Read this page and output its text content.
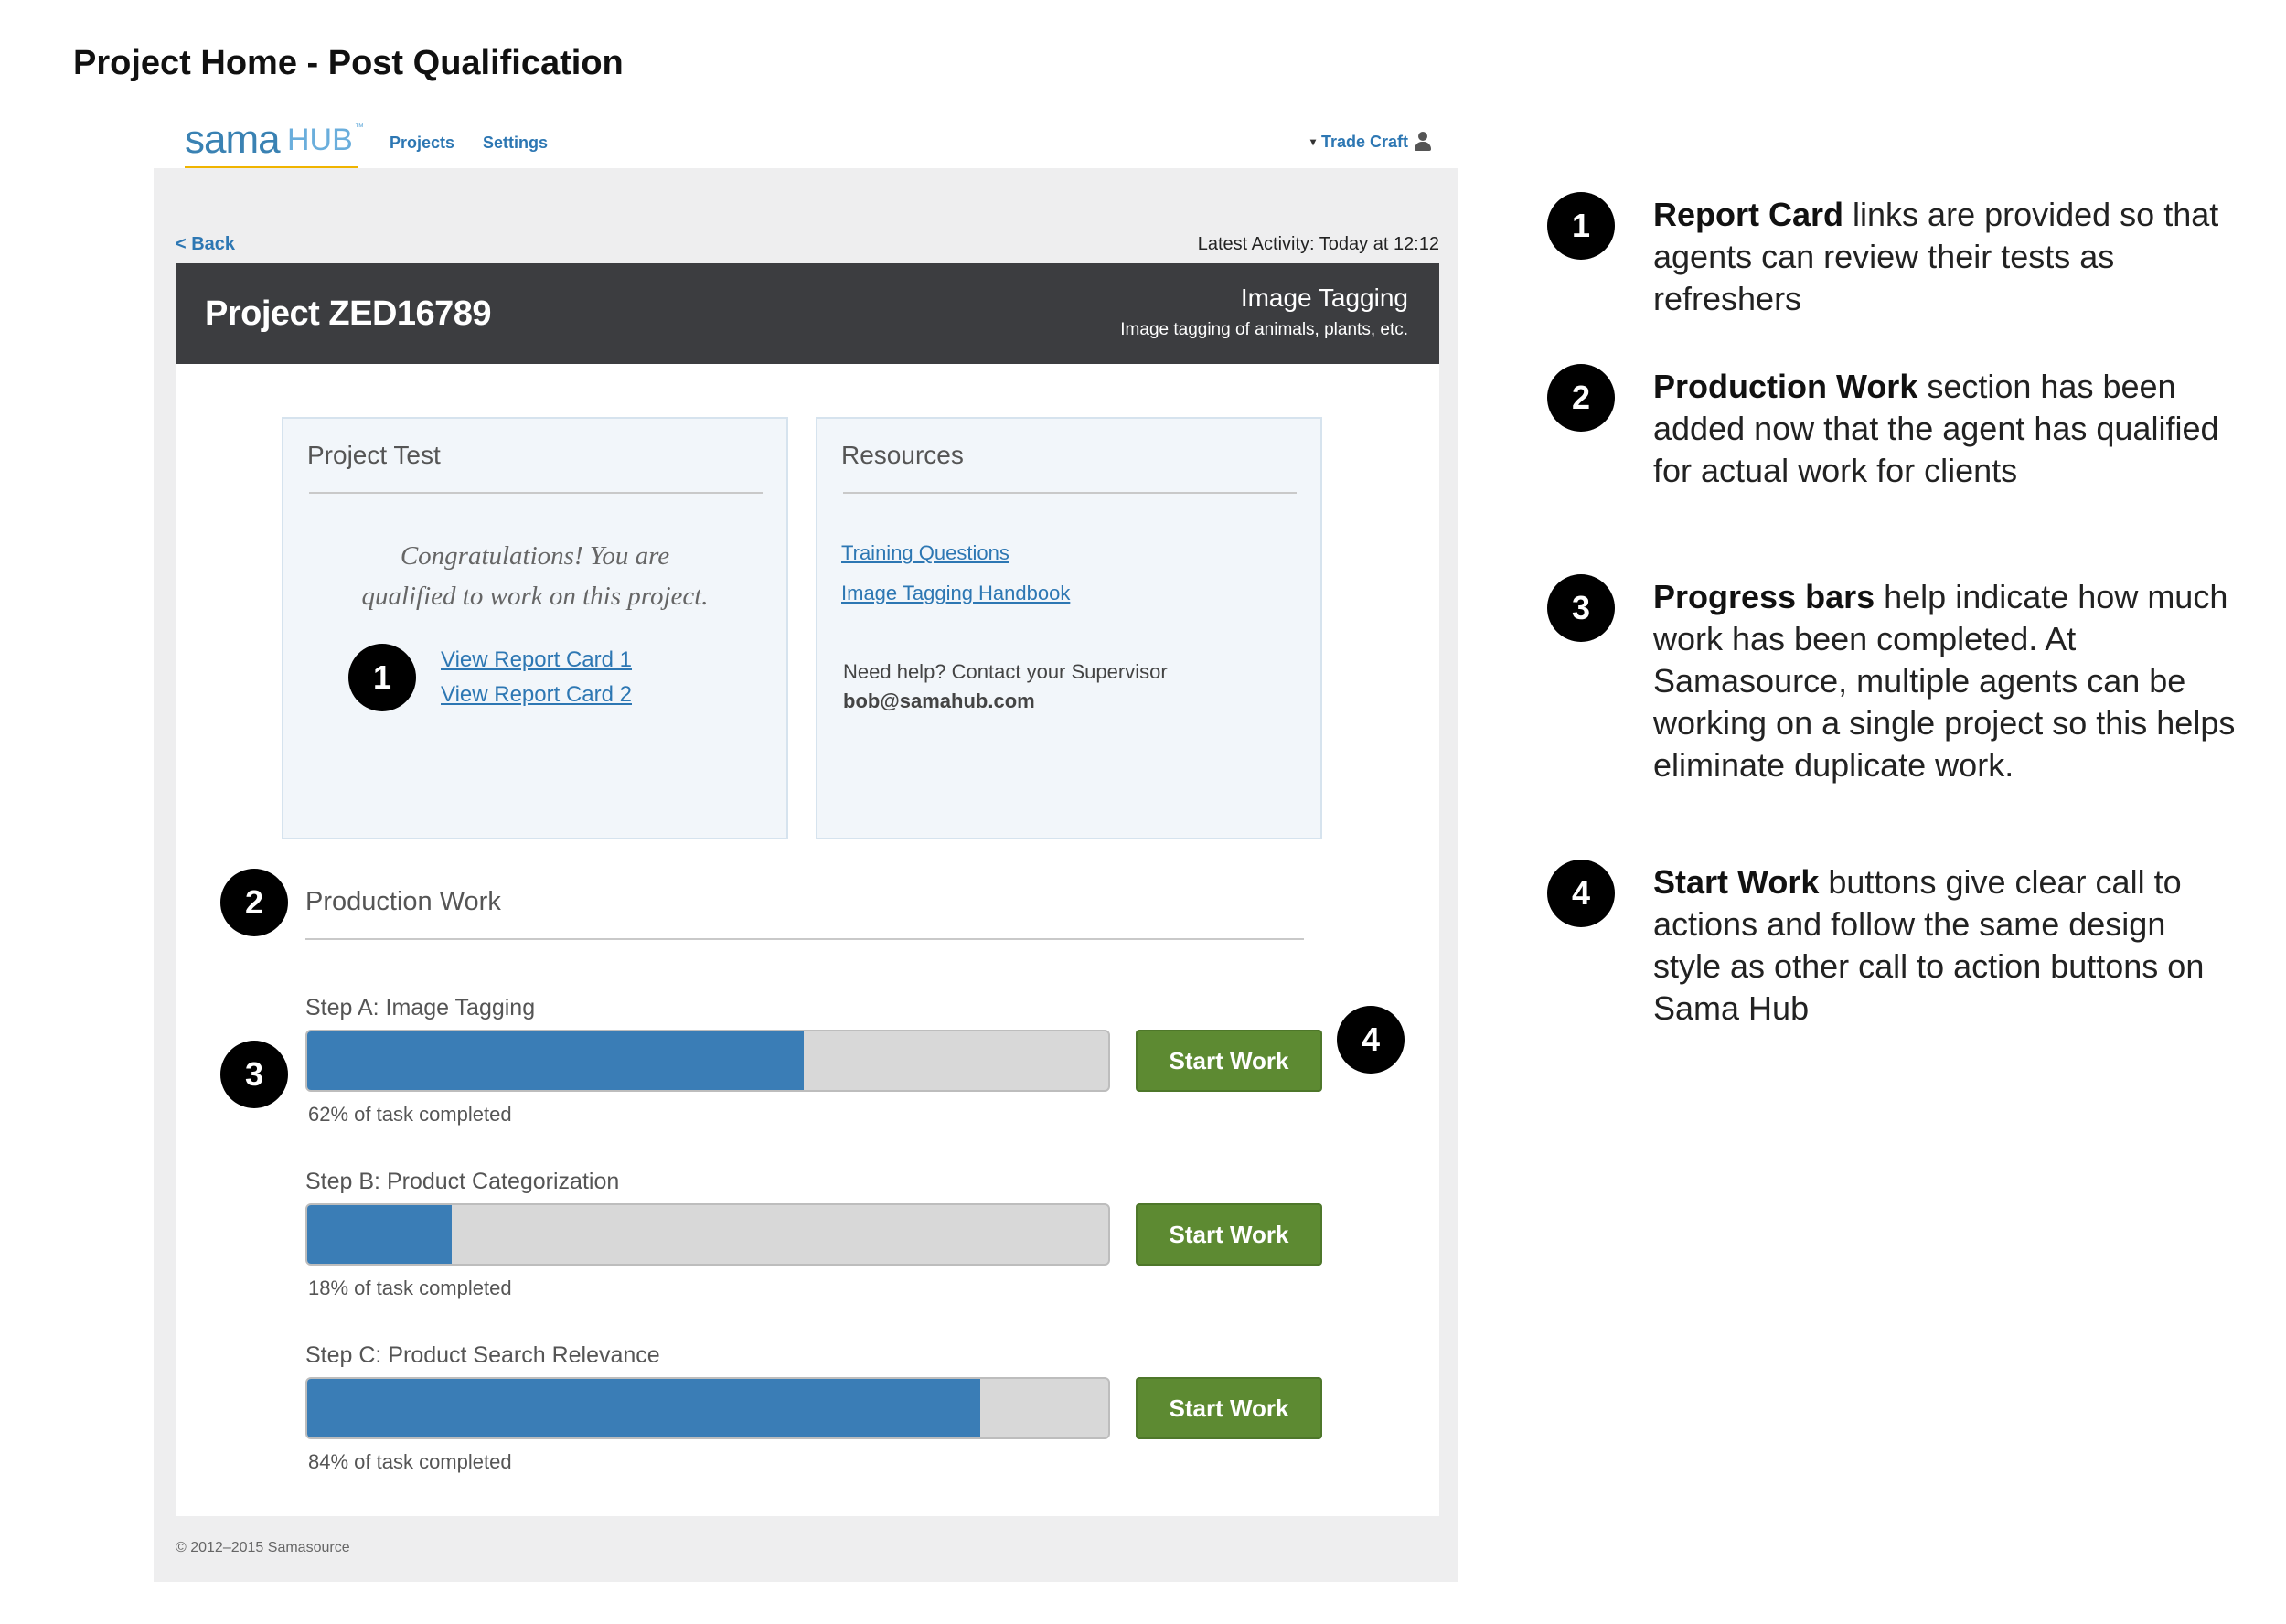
Project Home - Post Qualification
sama HUB ™
Projects Settings	▾ Trade Craft
< Back	Latest Activity: Today at 12:12
Project ZED16789	Image Tagging
Image tagging of animals, plants, etc.
Project Test
Congratulations! You are
qualified to work on this project.
View Report Card 1
View Report Card 2
Resources
Training Questions
Image Tagging Handbook
Need help? Contact your Supervisor
bob@samahub.com
Production Work
Step A: Image Tagging
62% of task completed
Start Work
Step B: Product Categorization
18% of task completed
Start Work
Step C: Product Search Relevance
84% of task completed
Start Work
© 2012–2015 Samasource
1
2
3
4
1	Report Card links are provided so that agents can review their tests as refreshers
2	Production Work section has been added now that the agent has qualified for actual work for clients
3	Progress bars help indicate how much work has been completed. At Samasource, multiple agents can be working on a single project so this helps eliminate duplicate work.
4	Start Work buttons give clear call to actions and follow the same design style as other call to action buttons on Sama Hub
